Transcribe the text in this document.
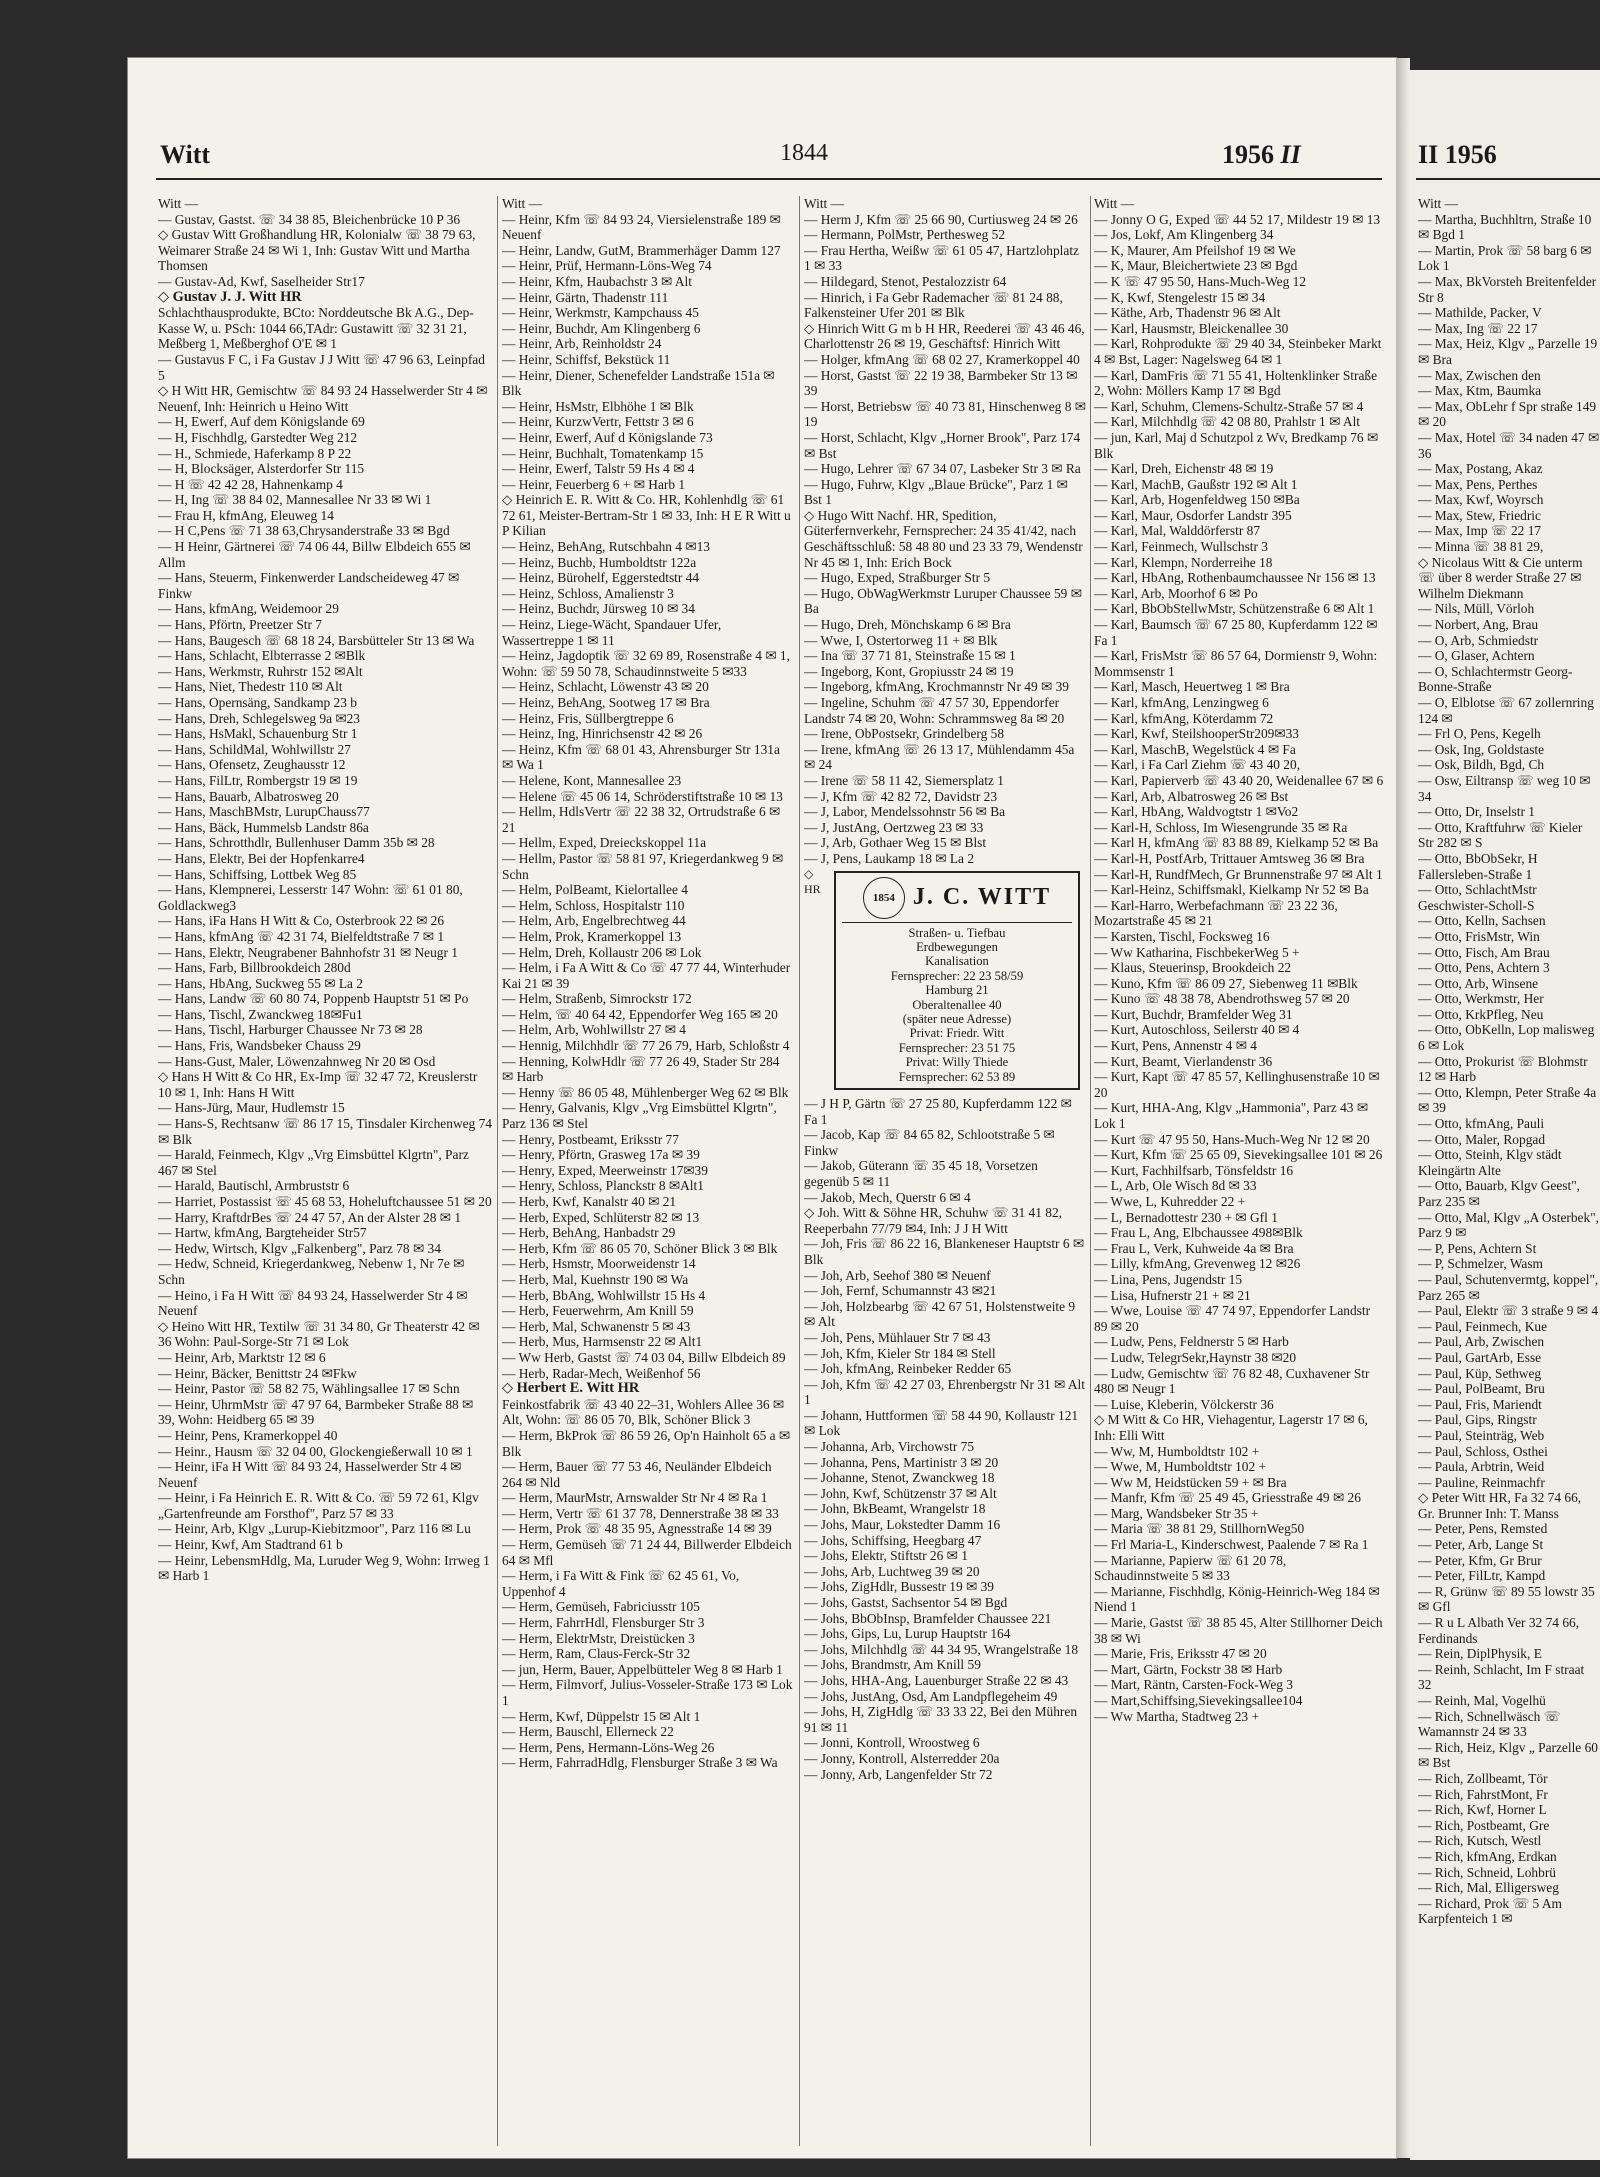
Witt	1844	1956 II	II 1956

Witt —

— Gustav, Gastst. ☏ 34 38 85, Bleichenbrücke 10 P 36

◇ Gustav Witt Großhandlung HR, Kolonialw ☏ 38 79 63, Weimarer Straße 24 ✉ Wi 1, Inh: Gustav Witt und Martha Thomsen

— Gustav-Ad, Kwf, Saselheider Str17

◇ Gustav J. J. Witt HR

Schlachthausprodukte, BCto: Norddeutsche Bk A.G., Dep-Kasse W, u. PSch: 1044 66,TAdr: Gustawitt ☏ 32 31 21, Meßberg 1, Meßberghof O'E ✉ 1

— Gustavus F C, i Fa Gustav J J Witt ☏ 47 96 63, Leinpfad 5

◇ H Witt HR, Gemischtw ☏ 84 93 24 Hasselwerder Str 4 ✉ Neuenf, Inh: Heinrich u Heino Witt

— H, Ewerf, Auf dem Königslande 69

— H, Fischhdlg, Garstedter Weg 212

— H., Schmiede, Haferkamp 8 P 22

— H, Blocksäger, Alsterdorfer Str 115

— H ☏ 42 42 28, Hahnenkamp 4

— H, Ing ☏ 38 84 02, Mannesallee Nr 33 ✉ Wi 1

— Frau H, kfmAng, Eleuweg 14

— H C,Pens ☏ 71 38 63,Chrysanderstraße 33 ✉ Bgd

— H Heinr, Gärtnerei ☏ 74 06 44, Billw Elbdeich 655 ✉ Allm

— Hans, Steuerm, Finkenwerder Landscheideweg 47 ✉ Finkw

— Hans, kfmAng, Weidemoor 29

— Hans, Pförtn, Preetzer Str 7

— Hans, Baugesch ☏ 68 18 24, Barsbütteler Str 13 ✉ Wa

— Hans, Schlacht, Elbterrasse 2 ✉Blk

— Hans, Werkmstr, Ruhrstr 152 ✉Alt

— Hans, Niet, Thedestr 110 ✉ Alt

— Hans, Opernsäng, Sandkamp 23 b

— Hans, Dreh, Schlegelsweg 9a ✉23

— Hans, HsMakl, Schauenburg Str 1

— Hans, SchildMal, Wohlwillstr 27

— Hans, Ofensetz, Zeughausstr 12

— Hans, FilLtr, Rombergstr 19 ✉ 19

— Hans, Bauarb, Albatrosweg 20

— Hans, MaschBMstr, LurupChauss77

— Hans, Bäck, Hummelsb Landstr 86a

— Hans, Schrotthdlr, Bullenhuser Damm 35b ✉ 28

— Hans, Elektr, Bei der Hopfenkarre4

— Hans, Schiffsing, Lottbek Weg 85

— Hans, Klempnerei, Lesserstr 147 Wohn: ☏ 61 01 80, Goldlackweg3

— Hans, iFa Hans H Witt & Co, Osterbrook 22 ✉ 26

— Hans, kfmAng ☏ 42 31 74, Bielfeldtstraße 7 ✉ 1

— Hans, Elektr, Neugrabener Bahnhofstr 31 ✉ Neugr 1

— Hans, Farb, Billbrookdeich 280d

— Hans, HbAng, Suckweg 55 ✉ La 2

— Hans, Landw ☏ 60 80 74, Poppenb Hauptstr 51 ✉ Po

— Hans, Tischl, Zwanckweg 18✉Fu1

— Hans, Tischl, Harburger Chaussee Nr 73 ✉ 28

— Hans, Fris, Wandsbeker Chauss 29

— Hans-Gust, Maler, Löwenzahnweg Nr 20 ✉ Osd

◇ Hans H Witt & Co HR, Ex-Imp ☏ 32 47 72, Kreuslerstr 10 ✉ 1, Inh: Hans H Witt

— Hans-Jürg, Maur, Hudlemstr 15

— Hans-S, Rechtsanw ☏ 86 17 15, Tinsdaler Kirchenweg 74 ✉ Blk

— Harald, Feinmech, Klgv „Vrg Eimsbüttel Klgrtn", Parz 467 ✉ Stel

— Harald, Bautischl, Armbruststr 6

— Harriet, Postassist ☏ 45 68 53, Hoheluftchaussee 51 ✉ 20

— Harry, KraftdrBes ☏ 24 47 57, An der Alster 28 ✉ 1

— Hartw, kfmAng, Bargteheider Str57

— Hedw, Wirtsch, Klgv „Falkenberg", Parz 78 ✉ 34

— Hedw, Schneid, Kriegerdankweg, Nebenw 1, Nr 7e ✉ Schn

— Heino, i Fa H Witt ☏ 84 93 24, Hasselwerder Str 4 ✉ Neuenf

◇ Heino Witt HR, Textilw ☏ 31 34 80, Gr Theaterstr 42 ✉ 36 Wohn: Paul-Sorge-Str 71 ✉ Lok

— Heinr, Arb, Marktstr 12 ✉ 6

— Heinr, Bäcker, Benittstr 24 ✉Fkw

— Heinr, Pastor ☏ 58 82 75, Wählingsallee 17 ✉ Schn

— Heinr, UhrmMstr ☏ 47 97 64, Barmbeker Straße 88 ✉ 39, Wohn: Heidberg 65 ✉ 39

— Heinr, Pens, Kramerkoppel 40

— Heinr., Hausm ☏ 32 04 00, Glockengießerwall 10 ✉ 1

— Heinr, iFa H Witt ☏ 84 93 24, Hasselwerder Str 4 ✉ Neuenf

— Heinr, i Fa Heinrich E. R. Witt & Co. ☏ 59 72 61, Klgv „Gartenfreunde am Forsthof", Parz 57 ✉ 33

— Heinr, Arb, Klgv „Lurup-Kiebitzmoor", Parz 116 ✉ Lu

— Heinr, Kwf, Am Stadtrand 61 b

— Heinr, LebensmHdlg, Ma, Luruder Weg 9, Wohn: Irrweg 1 ✉ Harb 1

Witt —

— Heinr, Kfm ☏ 84 93 24, Viersielenstraße 189 ✉Neuenf

— Heinr, Landw, GutM, Brammerhäger Damm 127

— Heinr, Prüf, Hermann-Löns-Weg 74

— Heinr, Kfm, Haubachstr 3 ✉ Alt

— Heinr, Gärtn, Thadenstr 111

— Heinr, Werkmstr, Kampchauss 45

— Heinr, Buchdr, Am Klingenberg 6

— Heinr, Arb, Reinholdstr 24

— Heinr, Schiffsf, Bekstück 11

— Heinr, Diener, Schenefelder Landstraße 151a ✉ Blk

— Heinr, HsMstr, Elbhöhe 1 ✉ Blk

— Heinr, KurzwVertr, Fettstr 3 ✉ 6

— Heinr, Ewerf, Auf d Königslande 73

— Heinr, Buchhalt, Tomatenkamp 15

— Heinr, Ewerf, Talstr 59 Hs 4 ✉ 4

— Heinr, Feuerberg 6 + ✉ Harb 1

◇ Heinrich E. R. Witt & Co. HR, Kohlenhdlg ☏ 61 72 61, Meister-Bertram-Str 1 ✉ 33, Inh: H E R Witt u P Kilian

— Heinz, BehAng, Rutschbahn 4 ✉13

— Heinz, Buchb, Humboldtstr 122a

— Heinz, Bürohelf, Eggerstedtstr 44

— Heinz, Schloss, Amalienstr 3

— Heinz, Buchdr, Jürsweg 10 ✉ 34

— Heinz, Liege-Wächt, Spandauer Ufer, Wassertreppe 1 ✉ 11

— Heinz, Jagdoptik ☏ 32 69 89, Rosenstraße 4 ✉ 1, Wohn: ☏ 59 50 78, Schaudinnstweite 5 ✉33

— Heinz, Schlacht, Löwenstr 43 ✉ 20

— Heinz, BehAng, Sootweg 17 ✉ Bra

— Heinz, Fris, Süllbergtreppe 6

— Heinz, Ing, Hinrichsenstr 42 ✉ 26

— Heinz, Kfm ☏ 68 01 43, Ahrensburger Str 131a ✉ Wa 1

— Helene, Kont, Mannesallee 23

— Helene ☏ 45 06 14, Schröderstiftstraße 10 ✉ 13

— Hellm, HdlsVertr ☏ 22 38 32, Ortrudstraße 6 ✉ 21

— Hellm, Exped, Dreieckskoppel 11a

— Hellm, Pastor ☏ 58 81 97, Kriegerdankweg 9 ✉ Schn

— Helm, PolBeamt, Kielortallee 4

— Helm, Schloss, Hospitalstr 110

— Helm, Arb, Engelbrechtweg 44

— Helm, Prok, Kramerkoppel 13

— Helm, Dreh, Kollaustr 206 ✉ Lok

— Helm, i Fa A Witt & Co ☏ 47 77 44, Winterhuder Kai 21 ✉ 39

— Helm, Straßenb, Simrockstr 172

— Helm, ☏ 40 64 42, Eppendorfer Weg 165 ✉ 20

— Helm, Arb, Wohlwillstr 27 ✉ 4

— Hennig, Milchhdlr ☏ 77 26 79, Harb, Schloßstr 4

— Henning, KolwHdlr ☏ 77 26 49, Stader Str 284 ✉ Harb

— Henny ☏ 86 05 48, Mühlenberger Weg 62 ✉ Blk

— Henry, Galvanis, Klgv „Vrg Eimsbüttel Klgrtn", Parz 136 ✉ Stel

— Henry, Postbeamt, Eriksstr 77

— Henry, Pförtn, Grasweg 17a ✉ 39

— Henry, Exped, Meerweinstr 17✉39

— Henry, Schloss, Planckstr 8 ✉Alt1

— Herb, Kwf, Kanalstr 40 ✉ 21

— Herb, Exped, Schlüterstr 82 ✉ 13

— Herb, BehAng, Hanbadstr 29

— Herb, Kfm ☏ 86 05 70, Schöner Blick 3 ✉ Blk

— Herb, Hsmstr, Moorweidenstr 14

— Herb, Mal, Kuehnstr 190 ✉ Wa

— Herb, BbAng, Wohlwillstr 15 Hs 4

— Herb, Feuerwehrm, Am Knill 59

— Herb, Mal, Schwanenstr 5 ✉ 43

— Herb, Mus, Harmsenstr 22 ✉ Alt1

— Ww Herb, Gastst ☏ 74 03 04, Billw Elbdeich 89

— Herb, Radar-Mech, Weißenhof 56

◇ Herbert E. Witt HR

Feinkostfabrik ☏ 43 40 22–31, Wohlers Allee 36 ✉ Alt, Wohn: ☏ 86 05 70, Blk, Schöner Blick 3

— Herm, BkProk ☏ 86 59 26, Op'n Hainholt 65 a ✉ Blk

— Herm, Bauer ☏ 77 53 46, Neuländer Elbdeich 264 ✉ Nld

— Herm, MaurMstr, Arnswalder Str Nr 4 ✉ Ra 1

— Herm, Vertr ☏ 61 37 78, Dennerstraße 38 ✉ 33

— Herm, Prok ☏ 48 35 95, Agnesstraße 14 ✉ 39

— Herm, Gemüseh ☏ 71 24 44, Billwerder Elbdeich 64 ✉ Mfl

— Herm, i Fa Witt & Fink ☏ 62 45 61, Vo, Uppenhof 4

— Herm, Gemüseh, Fabriciusstr 105

— Herm, FahrrHdl, Flensburger Str 3

— Herm, ElektrMstr, Dreistücken 3

— Herm, Ram, Claus-Ferck-Str 32

— jun, Herm, Bauer, Appelbütteler Weg 8 ✉ Harb 1

— Herm, Filmvorf, Julius-Vosseler-Straße 173 ✉ Lok 1

— Herm, Kwf, Düppelstr 15 ✉ Alt 1

— Herm, Bauschl, Ellerneck 22

— Herm, Pens, Hermann-Löns-Weg 26

— Herm, FahrradHdlg, Flensburger Straße 3 ✉ Wa

Witt —

— Herm J, Kfm ☏ 25 66 90, Curtiusweg 24 ✉ 26

— Hermann, PolMstr, Perthesweg 52

— Frau Hertha, Weißw ☏ 61 05 47, Hartzlohplatz 1 ✉ 33

— Hildegard, Stenot, Pestalozzistr 64

— Hinrich, i Fa Gebr Rademacher ☏ 81 24 88, Falkensteiner Ufer 201 ✉ Blk

◇ Hinrich Witt G m b H HR, Reederei ☏ 43 46 46, Charlottenstr 26 ✉ 19, Geschäftsf: Hinrich Witt

— Holger, kfmAng ☏ 68 02 27, Kramerkoppel 40

— Horst, Gastst ☏ 22 19 38, Barmbeker Str 13 ✉ 39

— Horst, Betriebsw ☏ 40 73 81, Hinschenweg 8 ✉ 19

— Horst, Schlacht, Klgv „Horner Brook", Parz 174 ✉ Bst

— Hugo, Lehrer ☏ 67 34 07, Lasbeker Str 3 ✉ Ra

— Hugo, Fuhrw, Klgv „Blaue Brücke", Parz 1 ✉ Bst 1

◇ Hugo Witt Nachf. HR, Spedition, Güterfernverkehr, Fernsprecher: 24 35 41/42, nach Geschäftsschluß: 58 48 80 und 23 33 79, Wendenstr Nr 45 ✉ 1, Inh: Erich Bock

— Hugo, Exped, Straßburger Str 5

— Hugo, ObWagWerkmstr Luruper Chaussee 59 ✉ Ba

— Hugo, Dreh, Mönchskamp 6 ✉ Bra

— Wwe, I, Ostertorweg 11 + ✉ Blk

— Ina ☏ 37 71 81, Steinstraße 15 ✉ 1

— Ingeborg, Kont, Gropiusstr 24 ✉ 19

— Ingeborg, kfmAng, Krochmannstr Nr 49 ✉ 39

— Ingeline, Schuhm ☏ 47 57 30, Eppendorfer Landstr 74 ✉ 20, Wohn: Schrammsweg 8a ✉ 20

— Irene, ObPostsekr, Grindelberg 58

— Irene, kfmAng ☏ 26 13 17, Mühlendamm 45a ✉ 24

— Irene ☏ 58 11 42, Siemersplatz 1

— J, Kfm ☏ 42 82 72, Davidstr 23

— J, Labor, Mendelssohnstr 56 ✉ Ba

— J, JustAng, Oertzweg 23 ✉ 33

— J, Arb, Gothaer Weg 15 ✉ Blst

— J, Pens, Laukamp 18 ✉ La 2

◇ HR
1854 J. C. WITT
Straßen- u. Tiefbau
Erdbewegungen
Kanalisation
Fernsprecher: 22 23 58/59
Hamburg 21
Oberaltenallee 40
(später neue Adresse)
Privat: Friedr. Witt
Fernsprecher: 23 51 75
Privat: Willy Thiede
Fernsprecher: 62 53 89

— J H P, Gärtn ☏ 27 25 80, Kupferdamm 122 ✉ Fa 1

— Jacob, Kap ☏ 84 65 82, Schlootstraße 5 ✉ Finkw

— Jakob, Güterann ☏ 35 45 18, Vorsetzen gegenüb 5 ✉ 11

— Jakob, Mech, Querstr 6 ✉ 4

◇ Joh. Witt & Söhne HR, Schuhw ☏ 31 41 82, Reeperbahn 77/79 ✉4, Inh: J J H Witt

— Joh, Fris ☏ 86 22 16, Blankeneser Hauptstr 6 ✉Blk

— Joh, Arb, Seehof 380 ✉ Neuenf

— Joh, Fernf, Schumannstr 43 ✉21

— Joh, Holzbearbg ☏ 42 67 51, Holstenstweite 9 ✉ Alt

— Joh, Pens, Mühlauer Str 7 ✉ 43

— Joh, Kfm, Kieler Str 184 ✉ Stell

— Joh, kfmAng, Reinbeker Redder 65

— Joh, Kfm ☏ 42 27 03, Ehrenbergstr Nr 31 ✉ Alt 1

— Johann, Huttformen ☏ 58 44 90, Kollaustr 121 ✉ Lok

— Johanna, Arb, Virchowstr 75

— Johanna, Pens, Martinistr 3 ✉ 20

— Johanne, Stenot, Zwanckweg 18

— John, Kwf, Schützenstr 37 ✉ Alt

— John, BkBeamt, Wrangelstr 18

— Johs, Maur, Lokstedter Damm 16

— Johs, Schiffsing, Heegbarg 47

— Johs, Elektr, Stiftstr 26 ✉ 1

— Johs, Arb, Luchtweg 39 ✉ 20

— Johs, ZigHdlr, Bussestr 19 ✉ 39

— Johs, Gastst, Sachsentor 54 ✉ Bgd

— Johs, BbObInsp, Bramfelder Chaussee 221

— Johs, Gips, Lu, Lurup Hauptstr 164

— Johs, Milchhdlg ☏ 44 34 95, Wrangelstraße 18

— Johs, Brandmstr, Am Knill 59

— Johs, HHA-Ang, Lauenburger Straße 22 ✉ 43

— Johs, JustAng, Osd, Am Landpflegeheim 49

— Johs, H, ZigHdlg ☏ 33 33 22, Bei den Mühren 91 ✉ 11

— Jonni, Kontroll, Wroostweg 6

— Jonny, Kontroll, Alsterredder 20a

— Jonny, Arb, Langenfelder Str 72

Witt —

— Jonny O G, Exped ☏ 44 52 17, Mildestr 19 ✉ 13

— Jos, Lokf, Am Klingenberg 34

— K, Maurer, Am Pfeilshof 19 ✉ We

— K, Maur, Bleichertwiete 23 ✉ Bgd

— K ☏ 47 95 50, Hans-Much-Weg 12

— K, Kwf, Stengelestr 15 ✉ 34

— Käthe, Arb, Thadenstr 96 ✉ Alt

— Karl, Hausmstr, Bleickenallee 30

— Karl, Rohprodukte ☏ 29 40 34, Steinbeker Markt 4 ✉ Bst, Lager: Nagelsweg 64 ✉ 1

— Karl, DamFris ☏ 71 55 41, Holtenklinker Straße 2, Wohn: Möllers Kamp 17 ✉ Bgd

— Karl, Schuhm, Clemens-Schultz-Straße 57 ✉ 4

— Karl, Milchhdlg ☏ 42 08 80, Prahlstr 1 ✉ Alt

— jun, Karl, Maj d Schutzpol z Wv, Bredkamp 76 ✉ Blk

— Karl, Dreh, Eichenstr 48 ✉ 19

— Karl, MachB, Gaußstr 192 ✉ Alt 1

— Karl, Arb, Hogenfeldweg 150 ✉Ba

— Karl, Maur, Osdorfer Landstr 395

— Karl, Mal, Walddörferstr 87

— Karl, Feinmech, Wullschstr 3

— Karl, Klempn, Norderreihe 18

— Karl, HbAng, Rothenbaumchaussee Nr 156 ✉ 13

— Karl, Arb, Moorhof 6 ✉ Po

— Karl, BbObStellwMstr, Schützenstraße 6 ✉ Alt 1

— Karl, Baumsch ☏ 67 25 80, Kupferdamm 122 ✉ Fa 1

— Karl, FrisMstr ☏ 86 57 64, Dormienstr 9, Wohn: Mommsenstr 1

— Karl, Masch, Heuertweg 1 ✉ Bra

— Karl, kfmAng, Lenzingweg 6

— Karl, kfmAng, Köterdamm 72

— Karl, Kwf, SteilshooperStr209✉33

— Karl, MaschB, Wegelstück 4 ✉ Fa

— Karl, i Fa Carl Ziehm ☏ 43 40 20,

— Karl, Papierverb ☏ 43 40 20, Weidenallee 67 ✉ 6

— Karl, Arb, Albatrosweg 26 ✉ Bst

— Karl, HbAng, Waldvogtstr 1 ✉Vo2

— Karl-H, Schloss, Im Wiesengrunde 35 ✉ Ra

— Karl H, kfmAng ☏ 83 88 89, Kielkamp 52 ✉ Ba

— Karl-H, PostfArb, Trittauer Amtsweg 36 ✉ Bra

— Karl-H, RundfMech, Gr Brunnenstraße 97 ✉ Alt 1

— Karl-Heinz, Schiffsmakl, Kielkamp Nr 52 ✉ Ba

— Karl-Harro, Werbefachmann ☏ 23 22 36, Mozartstraße 45 ✉ 21

— Karsten, Tischl, Focksweg 16

— Ww Katharina, FischbekerWeg 5 +

— Klaus, Steuerinsp, Brookdeich 22

— Kuno, Kfm ☏ 86 09 27, Siebenweg 11 ✉Blk

— Kuno ☏ 48 38 78, Abendrothsweg 57 ✉ 20

— Kurt, Buchdr, Bramfelder Weg 31

— Kurt, Autoschloss, Seilerstr 40 ✉ 4

— Kurt, Pens, Annenstr 4 ✉ 4

— Kurt, Beamt, Vierlandenstr 36

— Kurt, Kapt ☏ 47 85 57, Kellinghusenstraße 10 ✉ 20

— Kurt, HHA-Ang, Klgv „Hammonia", Parz 43 ✉ Lok 1

— Kurt ☏ 47 95 50, Hans-Much-Weg Nr 12 ✉ 20

— Kurt, Kfm ☏ 25 65 09, Sievekingsallee 101 ✉ 26

— Kurt, Fachhilfsarb, Tönsfeldstr 16

— L, Arb, Ole Wisch 8d ✉ 33

— Wwe, L, Kuhredder 22 +

— L, Bernadottestr 230 + ✉ Gfl 1

— Frau L, Ang, Elbchaussee 498✉Blk

— Frau L, Verk, Kuhweide 4a ✉ Bra

— Lilly, kfmAng, Grevenweg 12 ✉26

— Lina, Pens, Jugendstr 15

— Lisa, Hufnerstr 21 + ✉ 21

— Wwe, Louise ☏ 47 74 97, Eppendorfer Landstr 89 ✉ 20

— Ludw, Pens, Feldnerstr 5 ✉ Harb

— Ludw, TelegrSekr,Haynstr 38 ✉20

— Ludw, Gemischtw ☏ 76 82 48, Cuxhavener Str 480 ✉ Neugr 1

— Luise, Kleberin, Völckerstr 36

◇ M Witt & Co HR, Viehagentur, Lagerstr 17 ✉ 6, Inh: Elli Witt

— Ww, M, Humboldtstr 102 +

— Wwe, M, Humboldtstr 102 +

— Ww M, Heidstücken 59 + ✉ Bra

— Manfr, Kfm ☏ 25 49 45, Griesstraße 49 ✉ 26

— Marg, Wandsbeker Str 35 +

— Maria ☏ 38 81 29, StillhornWeg50

— Frl Maria-L, Kinderschwest, Paalende 7 ✉ Ra 1

— Marianne, Papierw ☏ 61 20 78, Schaudinnstweite 5 ✉ 33

— Marianne, Fischhdlg, König-Heinrich-Weg 184 ✉ Niend 1

— Marie, Gastst ☏ 38 85 45, Alter Stillhorner Deich 38 ✉ Wi

— Marie, Fris, Eriksstr 47 ✉ 20

— Mart, Gärtn, Fockstr 38 ✉ Harb

— Mart, Räntn, Carsten-Fock-Weg 3

— Mart,Schiffsing,Sievekingsallee104

— Ww Martha, Stadtweg 23 +

Witt —

— Martha, Buchhltrn, Straße 10 ✉ Bgd 1

— Martin, Prok ☏ 58 barg 6 ✉ Lok 1

— Max, BkVorsteh Breitenfelder Str 8

— Mathilde, Packer, V

— Max, Ing ☏ 22 17

— Max, Heiz, Klgv „ Parzelle 19 ✉ Bra

— Max, Zwischen den

— Max, Ktm, Baumka

— Max, ObLehr f Spr straße 149 ✉ 20

— Max, Hotel ☏ 34 naden 47 ✉ 36

— Max, Postang, Akaz

— Max, Pens, Perthes

— Max, Kwf, Woyrsch

— Max, Stew, Friedric

— Max, Imp ☏ 22 17

— Minna ☏ 38 81 29,

◇ Nicolaus Witt & Cie unterm ☏ über 8 werder Straße 27 ✉ Wilhelm Diekmann

— Nils, Müll, Vörloh

— Norbert, Ang, Brau

— O, Arb, Schmiedstr

— O, Glaser, Achtern

— O, Schlachtermstr Georg-Bonne-Straße

— O, Elblotse ☏ 67 zollernring 124 ✉

— Frl O, Pens, Kegelh

— Osk, Ing, Goldstaste

— Osk, Bildh, Bgd, Ch

— Osw, Eiltransp ☏ weg 10 ✉ 34

— Otto, Dr, Inselstr 1

— Otto, Kraftfuhrw ☏ Kieler Str 282 ✉ S

— Otto, BbObSekr, H Fallersleben-Straße 1

— Otto, SchlachtMstr Geschwister-Scholl-S

— Otto, Kelln, Sachsen

— Otto, FrisMstr, Win

— Otto, Fisch, Am Brau

— Otto, Pens, Achtern 3

— Otto, Arb, Winsene

— Otto, Werkmstr, Her

— Otto, KrkPfleg, Neu

— Otto, ObKelln, Lop malisweg 6 ✉ Lok

— Otto, Prokurist ☏ Blohmstr 12 ✉ Harb

— Otto, Klempn, Peter Straße 4a ✉ 39

— Otto, kfmAng, Pauli

— Otto, Maler, Ropgad

— Otto, Steinh, Klgv städt Kleingärtn Alte

— Otto, Bauarb, Klgv Geest", Parz 235 ✉

— Otto, Mal, Klgv „A Osterbek", Parz 9 ✉

— P, Pens, Achtern St

— P, Schmelzer, Wasm

— Paul, Schutenvermtg, koppel", Parz 265 ✉

— Paul, Elektr ☏ 3 straße 9 ✉ 4

— Paul, Feinmech, Kue

— Paul, Arb, Zwischen

— Paul, GartArb, Esse

— Paul, Küp, Sethweg

— Paul, PolBeamt, Bru

— Paul, Fris, Mariendt

— Paul, Gips, Ringstr

— Paul, Steinträg, Web

— Paul, Schloss, Osthei

— Paula, Arbtrin, Weid

— Pauline, Reinmachfr

◇ Peter Witt HR, Fa 32 74 66, Gr. Brunner Inh: T. Manss

— Peter, Pens, Remsted

— Peter, Arb, Lange St

— Peter, Kfm, Gr Brur

— Peter, FilLtr, Kampd

— R, Grünw ☏ 89 55 lowstr 35 ✉ Gfl

— R u L Albath Ver 32 74 66, Ferdinands

— Rein, DiplPhysik, E

— Reinh, Schlacht, Im F straat 32

— Reinh, Mal, Vogelhü

— Rich, Schnellwäsch ☏ Wamannstr 24 ✉ 33

— Rich, Heiz, Klgv „ Parzelle 60 ✉ Bst

— Rich, Zollbeamt, Tör

— Rich, FahrstMont, Fr

— Rich, Kwf, Horner L

— Rich, Postbeamt, Gre

— Rich, Kutsch, Westl

— Rich, kfmAng, Erdkan

— Rich, Schneid, Lohbrü

— Rich, Mal, Elligersweg

— Richard, Prok ☏ 5 Am Karpfenteich 1 ✉
